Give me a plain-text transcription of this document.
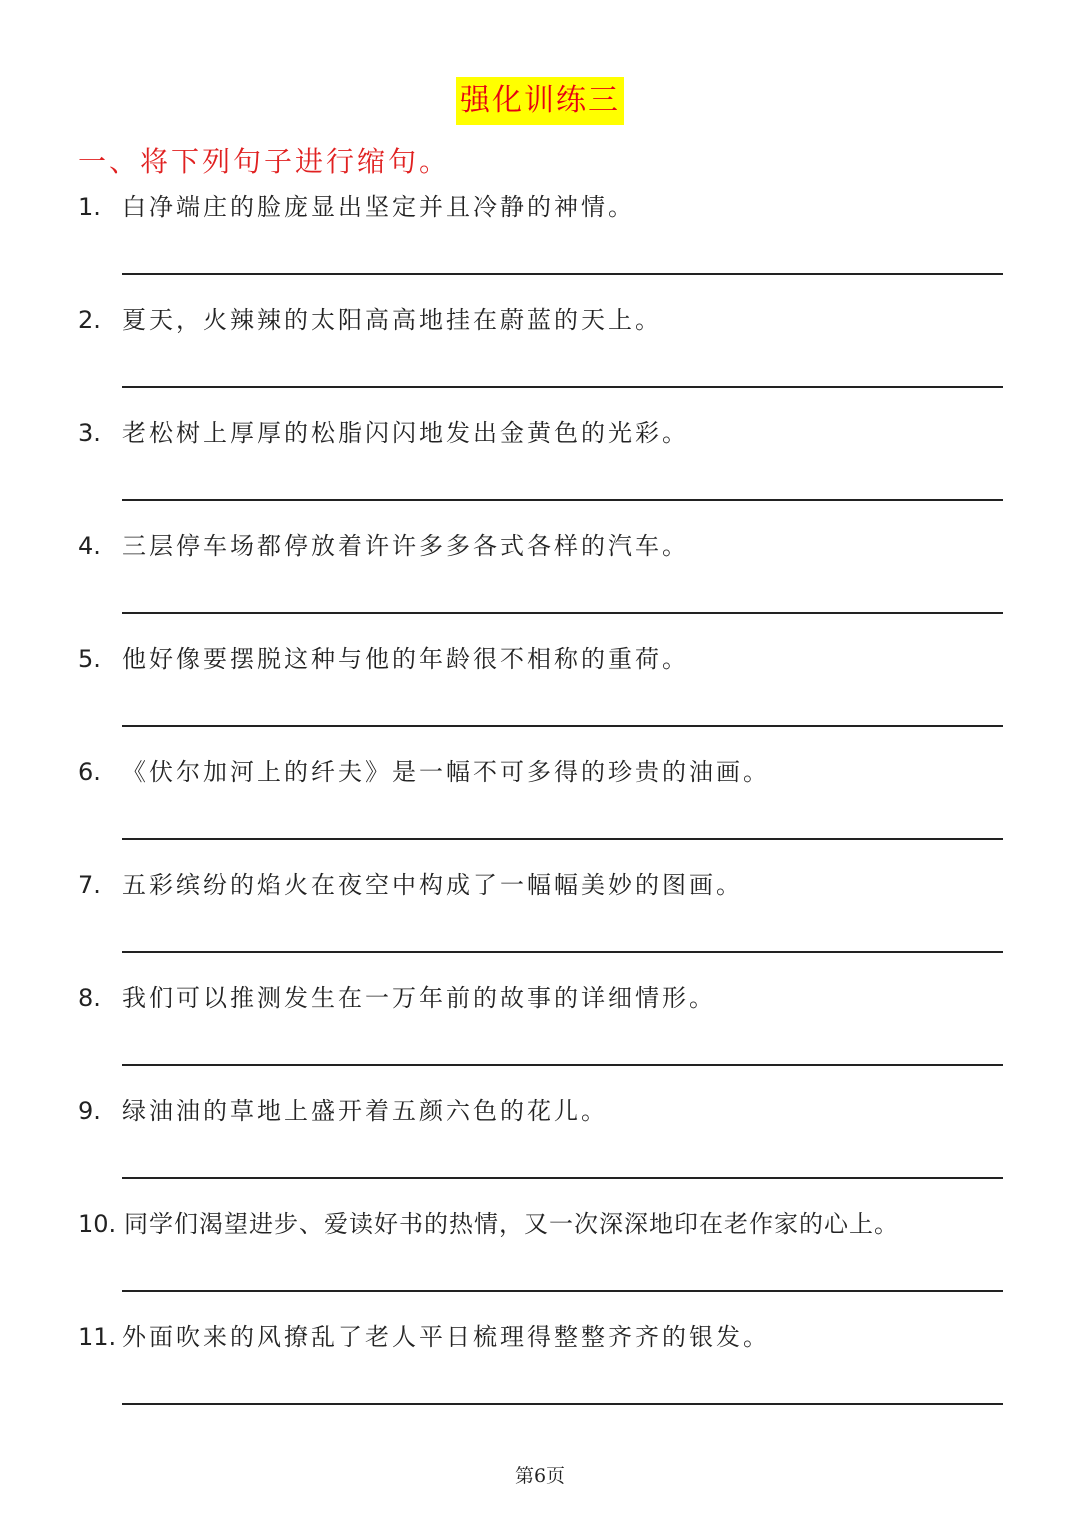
强化训练三
一、将下列句子进行缩句。
1. 白净端庄的脸庞显出坚定并且冷静的神情。
2. 夏天，火辣辣的太阳高高地挂在蔚蓝的天上。
3. 老松树上厚厚的松脂闪闪地发出金黄色的光彩。
4. 三层停车场都停放着许许多多各式各样的汽车。
5. 他好像要摆脱这种与他的年龄很不相称的重荷。
6. 《伏尔加河上的纤夫》是一幅不可多得的珍贵的油画。
7. 五彩缤纷的焰火在夜空中构成了一幅幅美妙的图画。
8. 我们可以推测发生在一万年前的故事的详细情形。
9. 绿油油的草地上盛开着五颜六色的花儿。
10. 同学们渴望进步、爱读好书的热情，又一次深深地印在老作家的心上。
11. 外面吹来的风撩乱了老人平日梳理得整整齐齐的银发。
第6页
